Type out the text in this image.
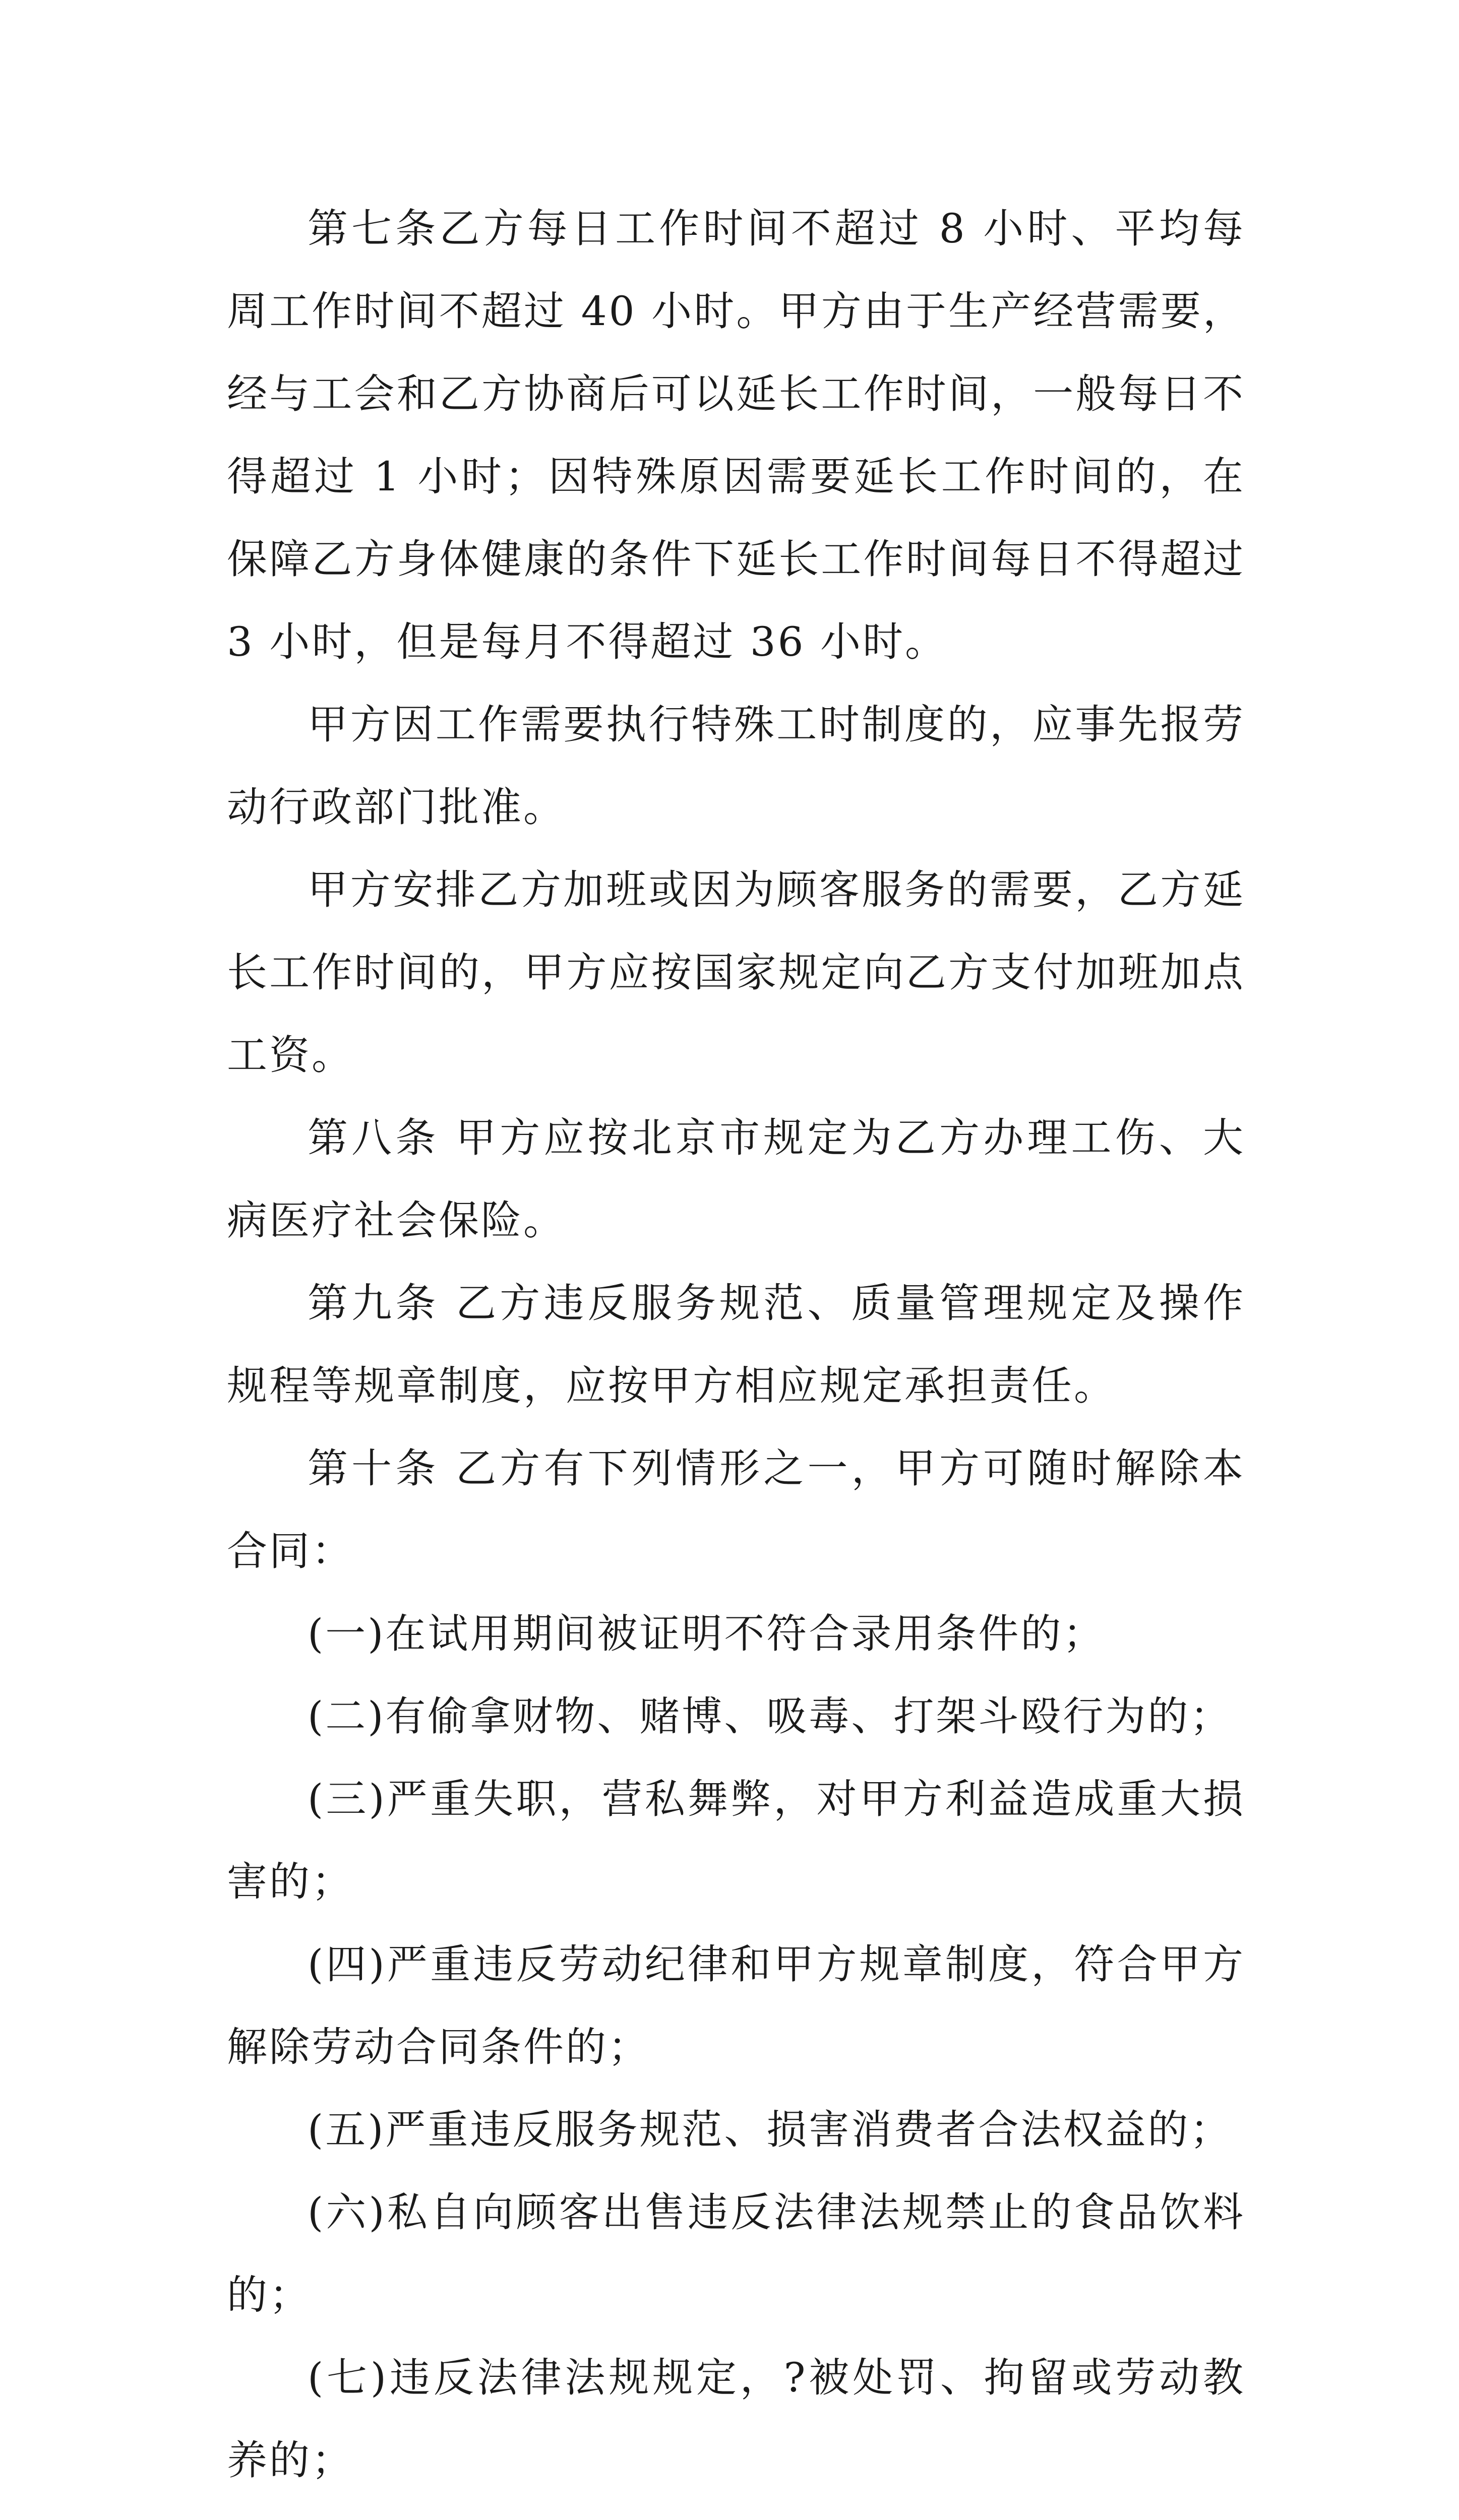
第七条乙方每日工作时间不超过 8 小时、平均每周工作时间不超过 40 小时。甲方由于生产经营需要，经与工会和乙方协商后可以延长工作时间，一般每日不得超过 1 小时；因特殊原因需要延长工作时间的，在保障乙方身体健康的条件下延长工作时间每日不得超过 3 小时，但是每月不得超过 36 小时。

甲方因工作需要执行特殊工时制度的，应事先报劳动行政部门批准。

甲方安排乙方加班或因为顾客服务的需要，乙方延长工作时间的，甲方应按国家规定向乙方支付加班加点工资。

第八条 甲方应按北京市规定为乙方办理工伤、大病医疗社会保险。

第九条 乙方违反服务规范、质量管理规定及操作规程等规章制度，应按甲方相应规定承担责任。

第十条 乙方有下列情形之一，甲方可随时解除本合同：

(一)在试用期间被证明不符合录用条件的；

(二)有偷拿财物、赌博、吸毒、打架斗殴行为的；

(三)严重失职，营私舞弊，对甲方利益造成重大损害的；

(四)严重违反劳动纪律和甲方规章制度，符合甲方解除劳动合同条件的；

(五)严重违反服务规范、损害消费者合法权益的；

(六)私自向顾客出售违反法律法规禁止的食品饮料的；

(七)违反法律法规规定，?被处罚、拘留或劳动教养的；
